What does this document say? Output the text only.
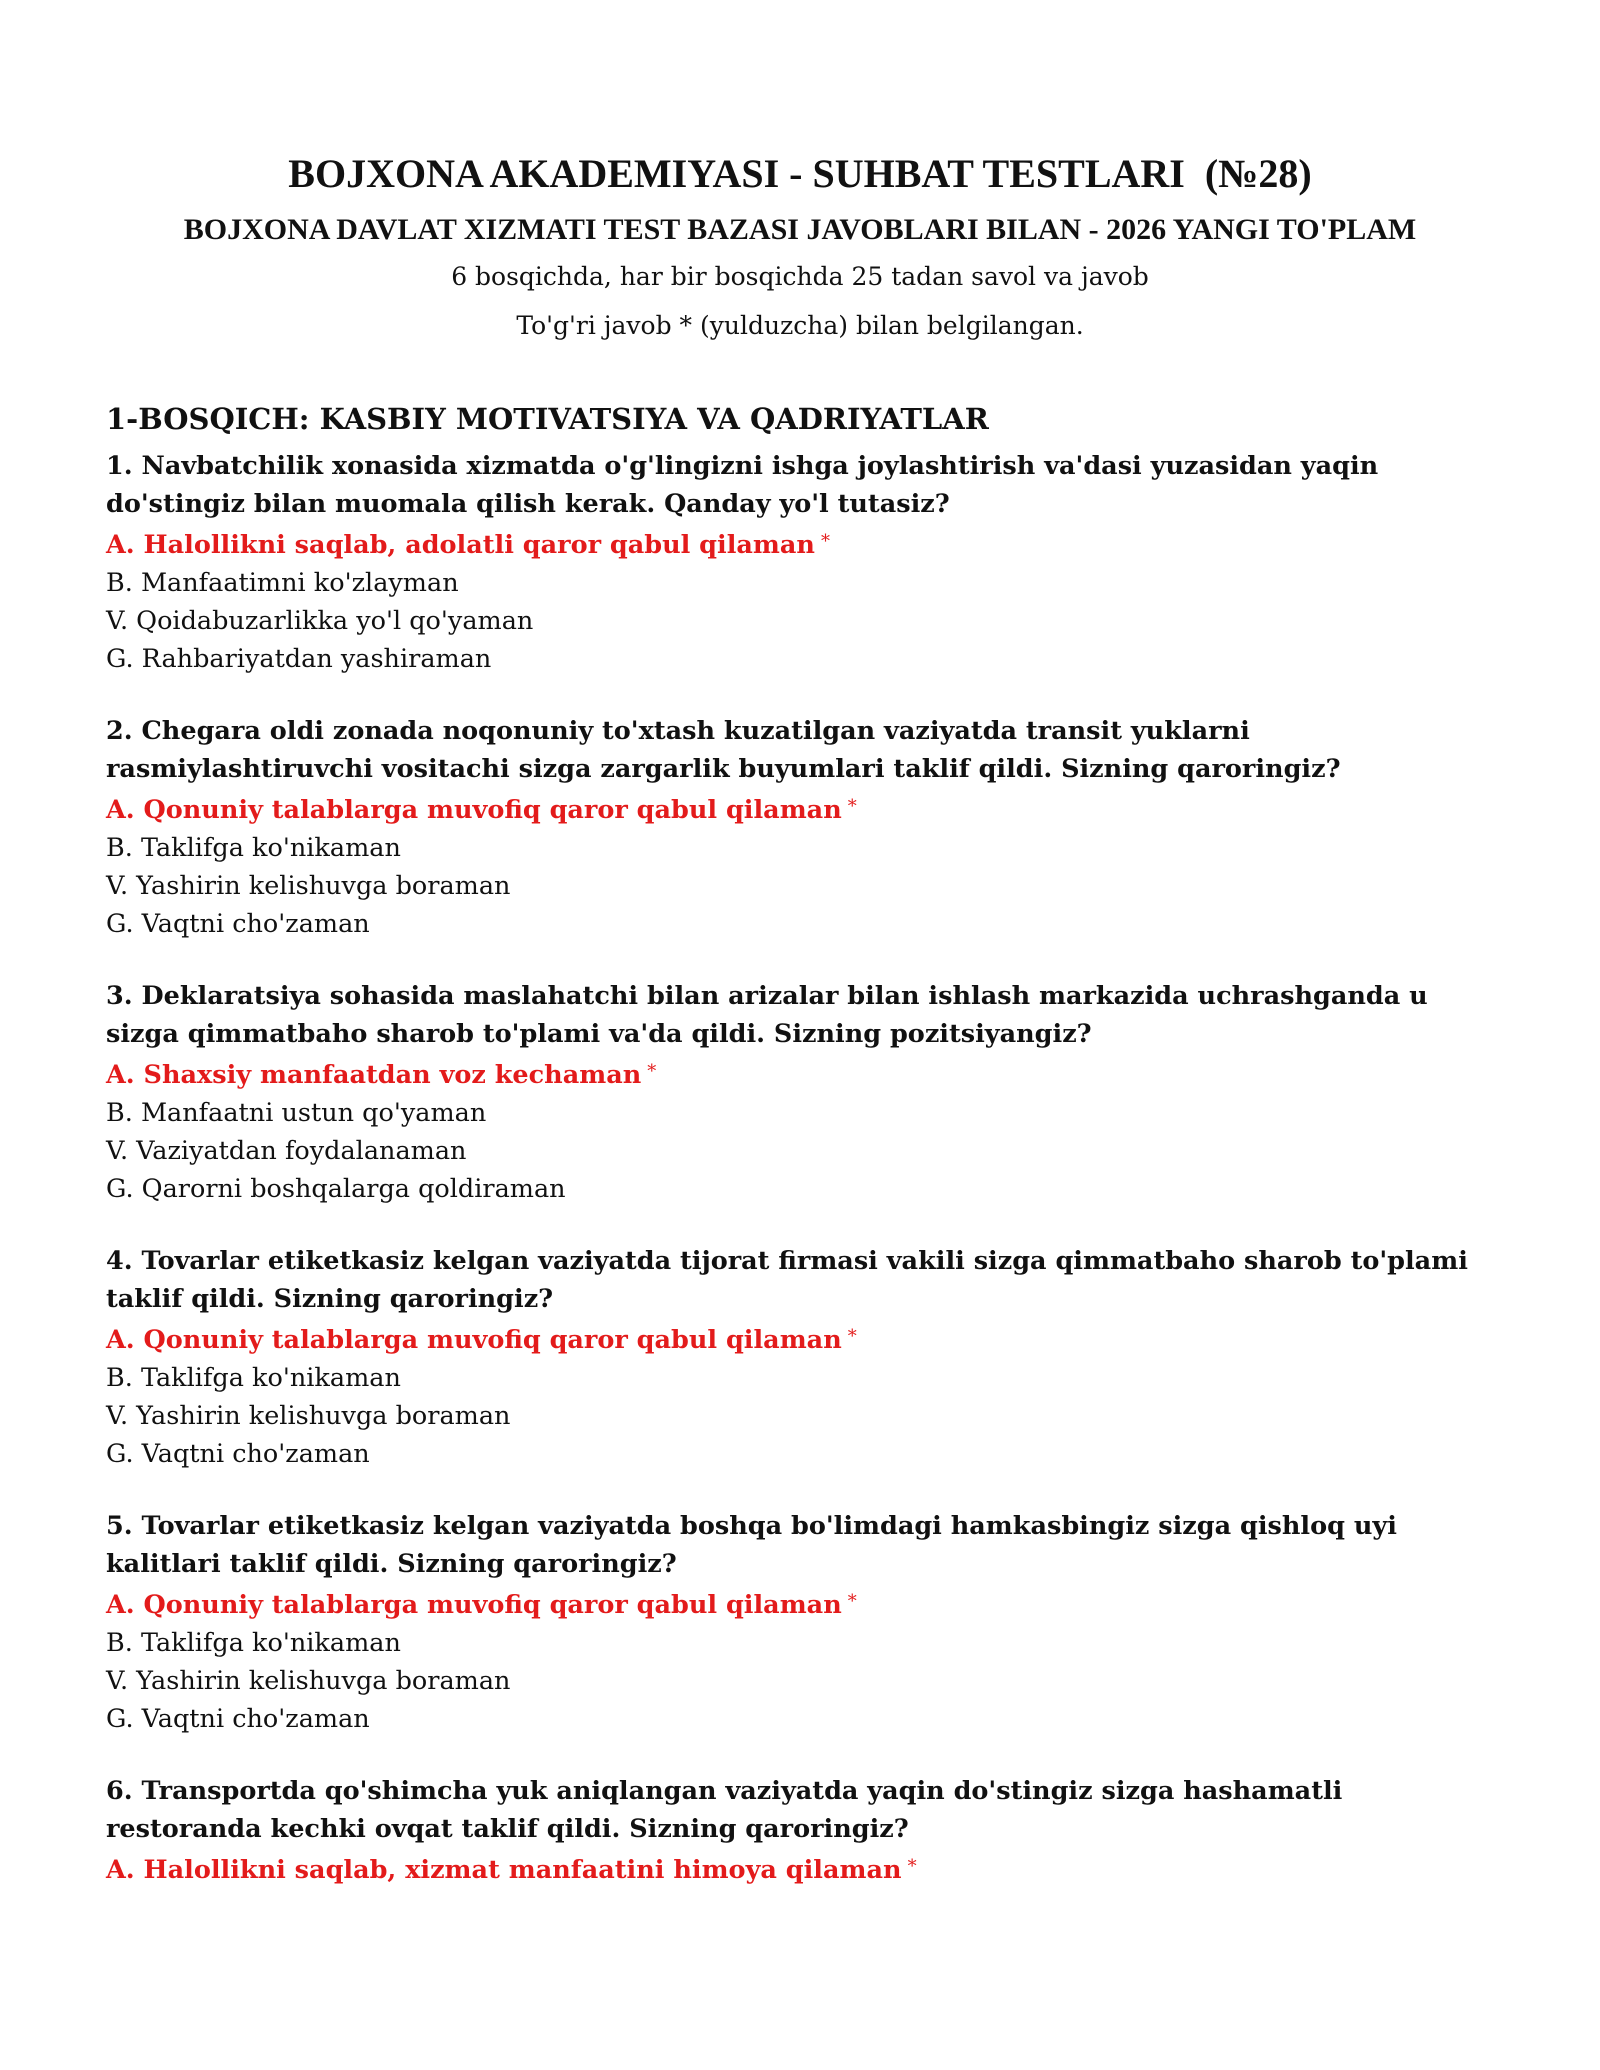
BOJXONA AKADEMIYASI - SUHBAT TESTLARI  (№28)
BOJXONA DAVLAT XIZMATI TEST BAZASI JAVOBLARI BILAN - 2026 YANGI TO'PLAM

6 bosqichda, har bir bosqichda 25 tadan savol va javob

To'g'ri javob * (yulduzcha) bilan belgilangan.

1-BOSQICH: KASBIY MOTIVATSIYA VA QADRIYATLAR

1. Navbatchilik xonasida xizmatda o'g'lingizni ishga joylashtirish va'dasi yuzasidan yaqin do'stingiz bilan muomala qilish kerak. Qanday yo'l tutasiz?

A. Halollikni saqlab, adolatli qaror qabul qilaman *

B. Manfaatimni ko'zlayman

V. Qoidabuzarlikka yo'l qo'yaman

G. Rahbariyatdan yashiraman

2. Chegara oldi zonada noqonuniy to'xtash kuzatilgan vaziyatda transit yuklarni rasmiylashtiruvchi vositachi sizga zargarlik buyumlari taklif qildi. Sizning qaroringiz?

A. Qonuniy talablarga muvofiq qaror qabul qilaman *

B. Taklifga ko'nikaman

V. Yashirin kelishuvga boraman

G. Vaqtni cho'zaman

3. Deklaratsiya sohasida maslahatchi bilan arizalar bilan ishlash markazida uchrashganda u sizga qimmatbaho sharob to'plami va'da qildi. Sizning pozitsiyangiz?

A. Shaxsiy manfaatdan voz kechaman *

B. Manfaatni ustun qo'yaman

V. Vaziyatdan foydalanaman

G. Qarorni boshqalarga qoldiraman

4. Tovarlar etiketkasiz kelgan vaziyatda tijorat firmasi vakili sizga qimmatbaho sharob to'plami taklif qildi. Sizning qaroringiz?

A. Qonuniy talablarga muvofiq qaror qabul qilaman *

B. Taklifga ko'nikaman

V. Yashirin kelishuvga boraman

G. Vaqtni cho'zaman

5. Tovarlar etiketkasiz kelgan vaziyatda boshqa bo'limdagi hamkasbingiz sizga qishloq uyi kalitlari taklif qildi. Sizning qaroringiz?

A. Qonuniy talablarga muvofiq qaror qabul qilaman *

B. Taklifga ko'nikaman

V. Yashirin kelishuvga boraman

G. Vaqtni cho'zaman

6. Transportda qo'shimcha yuk aniqlangan vaziyatda yaqin do'stingiz sizga hashamatli restoranda kechki ovqat taklif qildi. Sizning qaroringiz?

A. Halollikni saqlab, xizmat manfaatini himoya qilaman *
